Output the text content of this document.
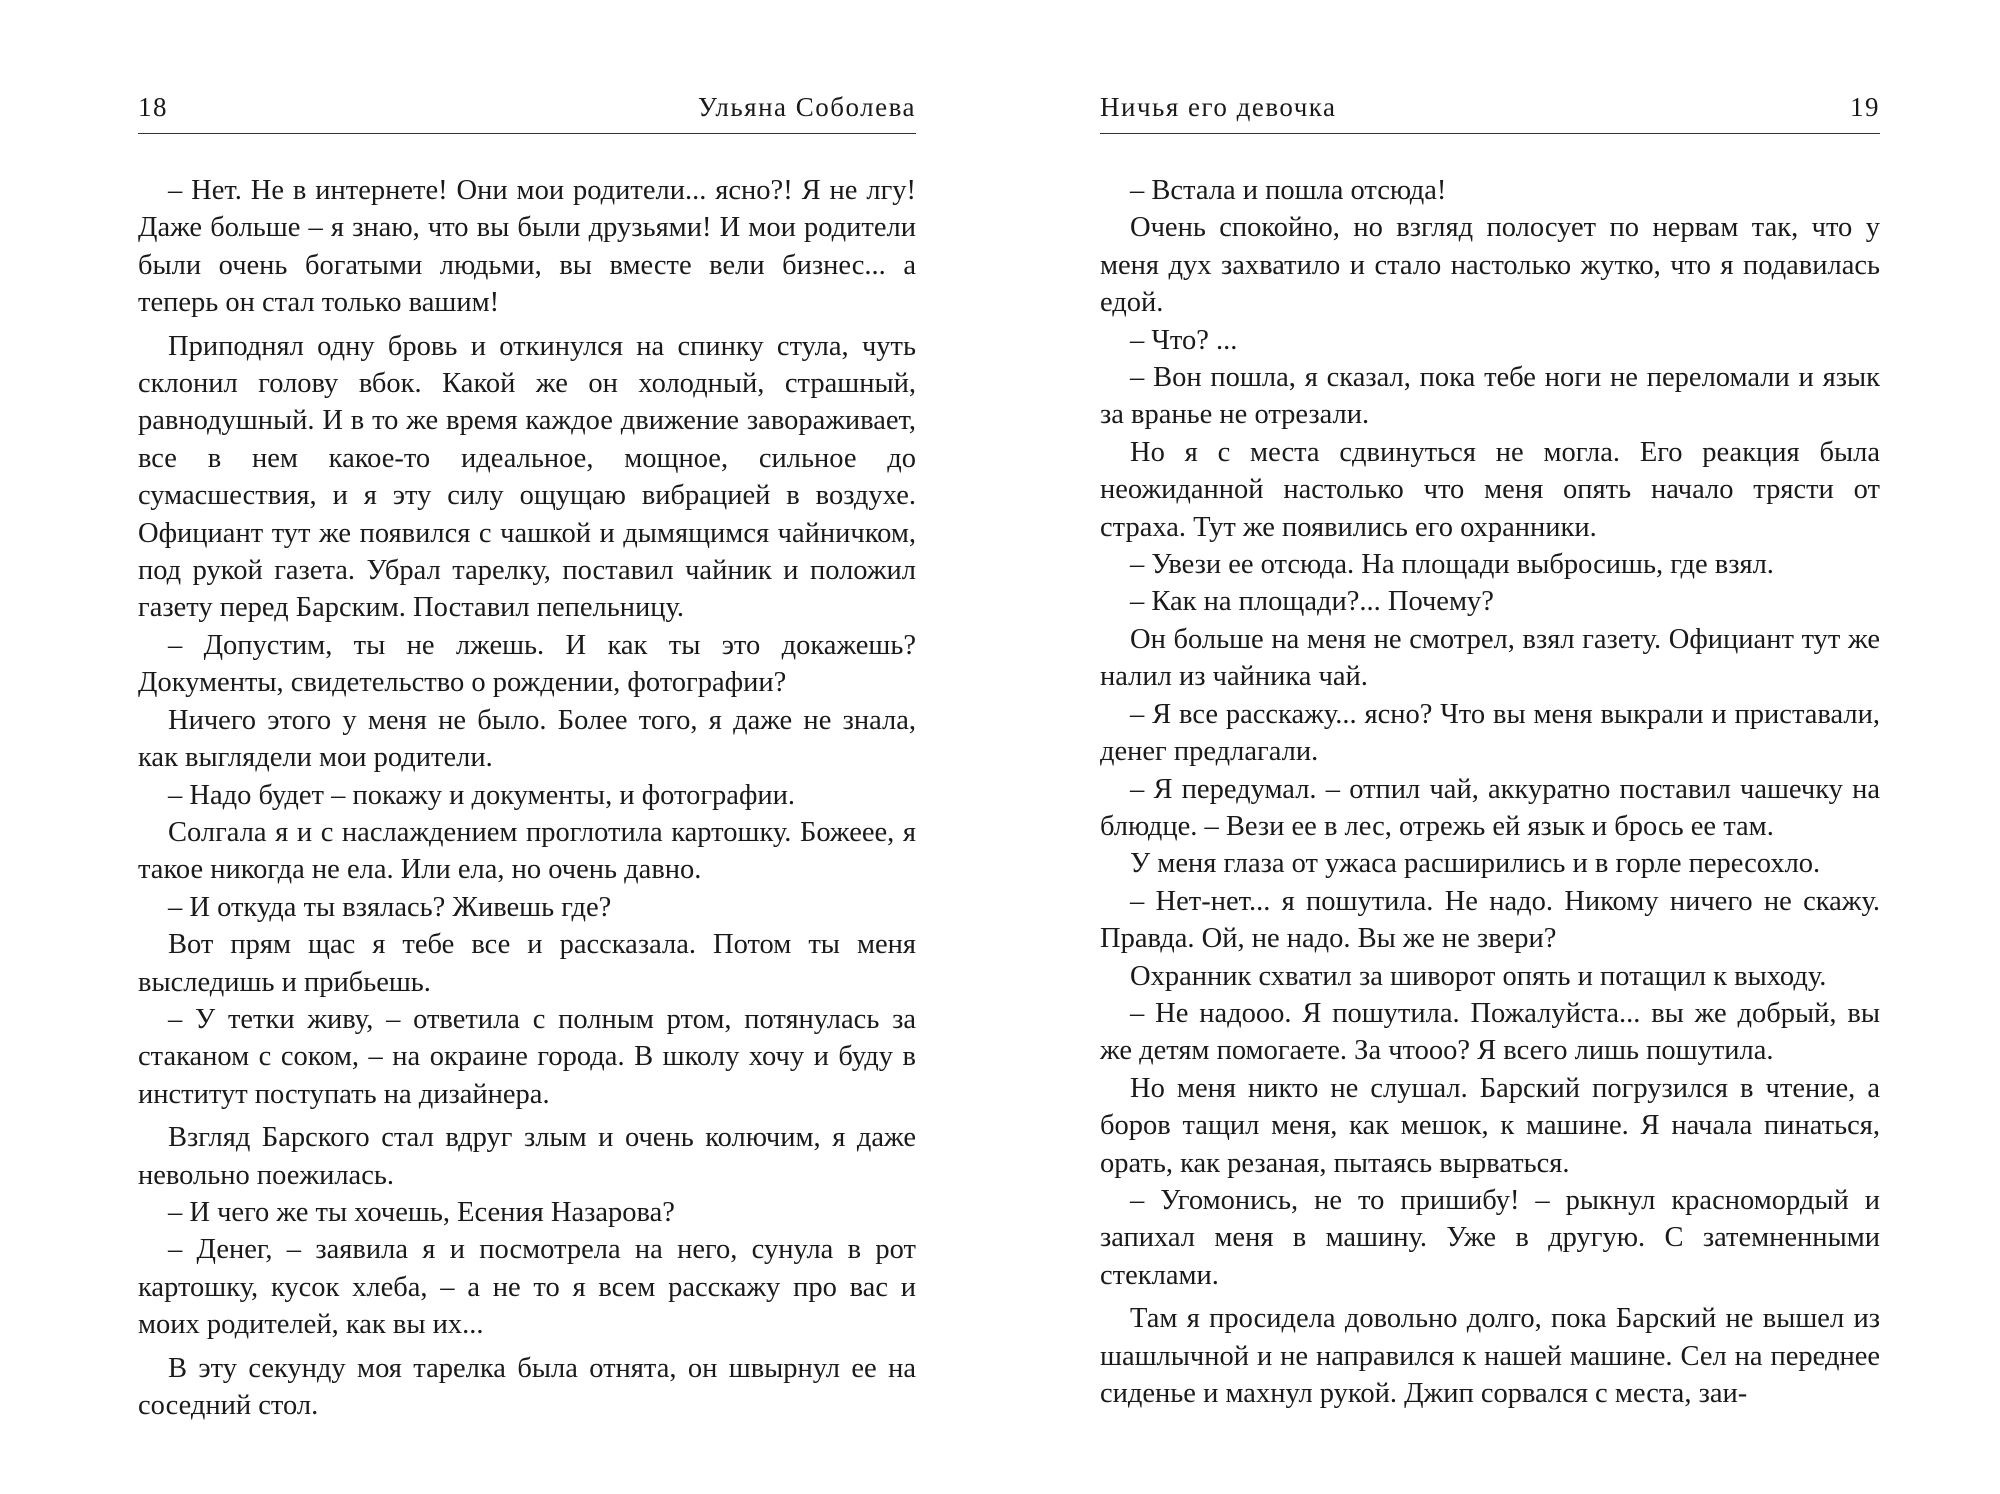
18	Ульяна Соболева

– Нет. Не в интернете! Они мои родители... ясно?! Я не лгу! Даже больше – я знаю, что вы были друзьями! И мои родители были очень богатыми людьми, вы вместе вели бизнес... а теперь он стал только вашим!

Приподнял одну бровь и откинулся на спинку стула, чуть склонил голову вбок. Какой же он холодный, страшный, равнодушный. И в то же время каждое движение завораживает, все в нем какое-то идеальное, мощное, сильное до сумасшествия, и я эту силу ощущаю вибрацией в воздухе. Официант тут же появился с чашкой и дымящимся чайничком, под рукой газета. Убрал тарелку, поставил чайник и положил газету перед Барским. Поставил пепельницу.

– Допустим, ты не лжешь. И как ты это докажешь? Документы, свидетельство о рождении, фотографии?

Ничего этого у меня не было. Более того, я даже не знала, как выглядели мои родители.

– Надо будет – покажу и документы, и фотографии.

Солгала я и с наслаждением проглотила картошку. Божеее, я такое никогда не ела. Или ела, но очень давно.

– И откуда ты взялась? Живешь где?

Вот прям щас я тебе все и рассказала. Потом ты меня выследишь и прибьешь.

– У тетки живу, – ответила с полным ртом, потянулась за стаканом с соком, – на окраине города. В школу хочу и буду в институт поступать на дизайнера.

Взгляд Барского стал вдруг злым и очень колючим, я даже невольно поежилась.

– И чего же ты хочешь, Есения Назарова?

– Денег, – заявила я и посмотрела на него, сунула в рот картошку, кусок хлеба, – а не то я всем расскажу про вас и моих родителей, как вы их...

В эту секунду моя тарелка была отнята, он швырнул ее на соседний стол.

Ничья его девочка	19

– Встала и пошла отсюда!

Очень спокойно, но взгляд полосует по нервам так, что у меня дух захватило и стало настолько жутко, что я подавилась едой.

– Что? ...

– Вон пошла, я сказал, пока тебе ноги не переломали и язык за вранье не отрезали.

Но я с места сдвинуться не могла. Его реакция была неожиданной настолько что меня опять начало трясти от страха. Тут же появились его охранники.

– Увези ее отсюда. На площади выбросишь, где взял.

– Как на площади?... Почему?

Он больше на меня не смотрел, взял газету. Официант тут же налил из чайника чай.

– Я все расскажу... ясно? Что вы меня выкрали и приставали, денег предлагали.

– Я передумал. – отпил чай, аккуратно поставил чашечку на блюдце. – Вези ее в лес, отрежь ей язык и брось ее там.

У меня глаза от ужаса расширились и в горле пересохло.

– Нет-нет... я пошутила. Не надо. Никому ничего не скажу. Правда. Ой, не надо. Вы же не звери?

Охранник схватил за шиворот опять и потащил к выходу.

– Не надооо. Я пошутила. Пожалуйста... вы же добрый, вы же детям помогаете. За чтооо? Я всего лишь пошутила.

Но меня никто не слушал. Барский погрузился в чтение, а боров тащил меня, как мешок, к машине. Я начала пинаться, орать, как резаная, пытаясь вырваться.

– Угомонись, не то пришибу! – рыкнул красномордый и запихал меня в машину. Уже в другую. С затемненными стеклами.

Там я просидела довольно долго, пока Барский не вышел из шашлычной и не направился к нашей машине. Сел на переднее сиденье и махнул рукой. Джип сорвался с места, заи-
